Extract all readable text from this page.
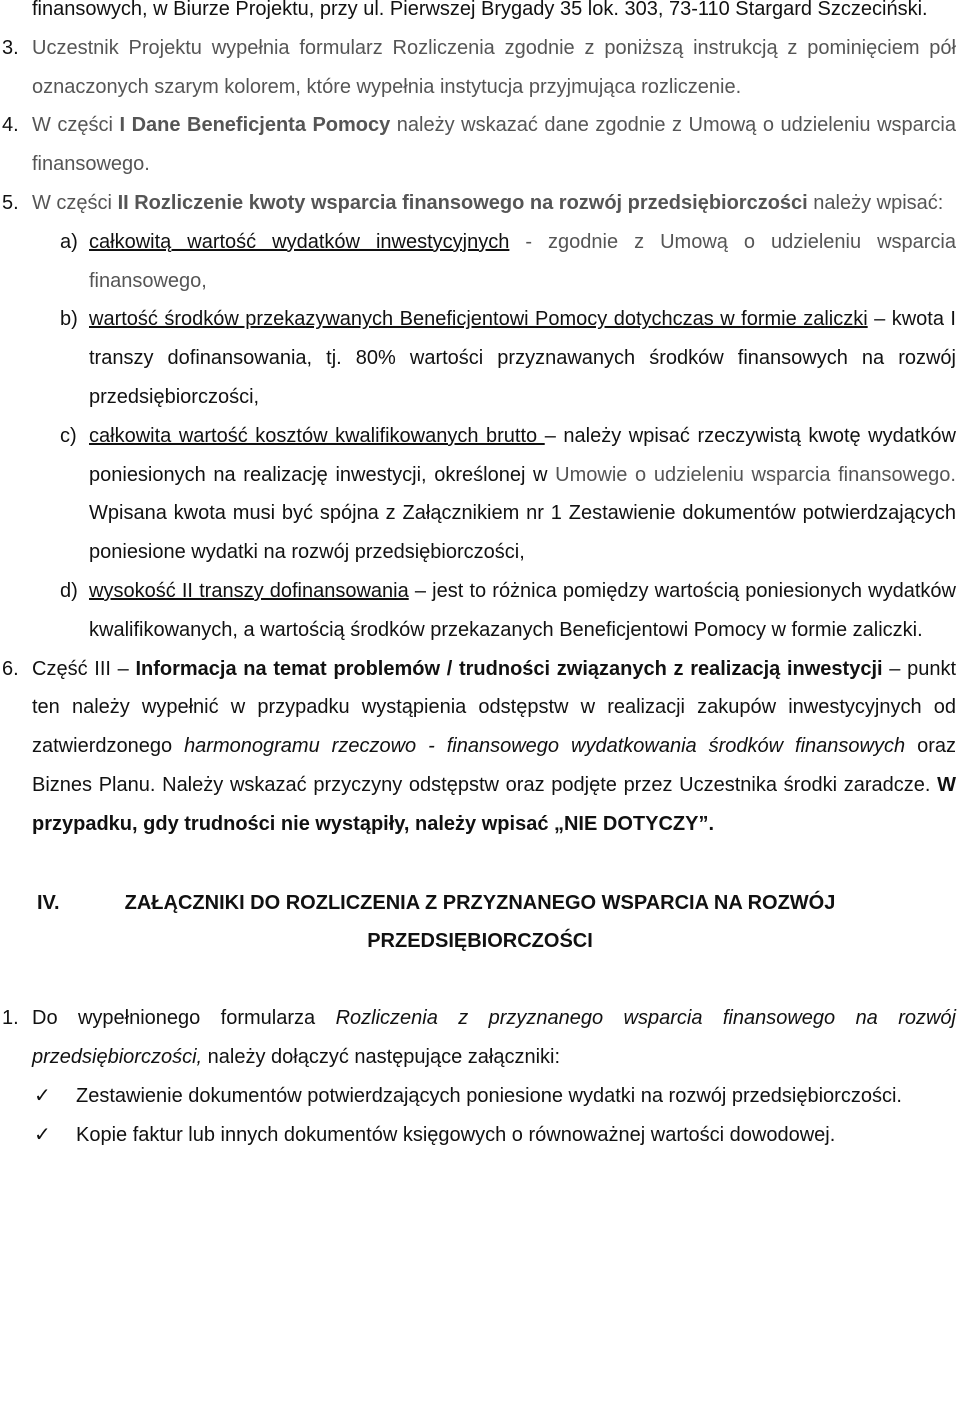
finansowych, w Biurze Projektu, przy ul. Pierwszej Brygady 35 lok. 303, 73-110 Stargard Szczeciński.
3. Uczestnik Projektu wypełnia formularz Rozliczenia zgodnie z poniższą instrukcją z pominięciem pół oznaczonych szarym kolorem, które wypełnia instytucja przyjmująca rozliczenie.
4. W części I Dane Beneficjenta Pomocy należy wskazać dane zgodnie z Umową o udzieleniu wsparcia finansowego.
5. W części II Rozliczenie kwoty wsparcia finansowego na rozwój przedsiębiorczości należy wpisać:
a) całkowitą wartość wydatków inwestycyjnych - zgodnie z Umową o udzieleniu wsparcia finansowego,
b) wartość środków przekazywanych Beneficjentowi Pomocy dotychczas w formie zaliczki – kwota I transzy dofinansowania, tj. 80% wartości przyznawanych środków finansowych na rozwój przedsiębiorczości,
c) całkowita wartość kosztów kwalifikowanych brutto – należy wpisać rzeczywistą kwotę wydatków poniesionych na realizację inwestycji, określonej w Umowie o udzieleniu wsparcia finansowego. Wpisana kwota musi być spójna z Załącznikiem nr 1 Zestawienie dokumentów potwierdzających poniesione wydatki na rozwój przedsiębiorczości,
d) wysokość II transzy dofinansowania – jest to różnica pomiędzy wartością poniesionych wydatków kwalifikowanych, a wartością środków przekazanych Beneficjentowi Pomocy w formie zaliczki.
6. Część III – Informacja na temat problemów / trudności związanych z realizacją inwestycji – punkt ten należy wypełnić w przypadku wystąpienia odstępstw w realizacji zakupów inwestycyjnych od zatwierdzonego harmonogramu rzeczowo - finansowego wydatkowania środków finansowych oraz Biznes Planu. Należy wskazać przyczyny odstępstw oraz podjęte przez Uczestnika środki zaradcze. W przypadku, gdy trudności nie wystąpiły, należy wpisać „NIE DOTYCZY”.
IV.	ZAŁĄCZNIKI DO ROZLICZENIA Z PRZYZNANEGO WSPARCIA NA ROZWÓJ PRZEDSIĘBIORCZOŚCI
1. Do wypełnionego formularza Rozliczenia z przyznanego wsparcia finansowego na rozwój przedsiębiorczości, należy dołączyć następujące załączniki:
✓ Zestawienie dokumentów potwierdzających poniesione wydatki na rozwój przedsiębiorczości.
✓ Kopie faktur lub innych dokumentów księgowych o równoważnej wartości dowodowej.
